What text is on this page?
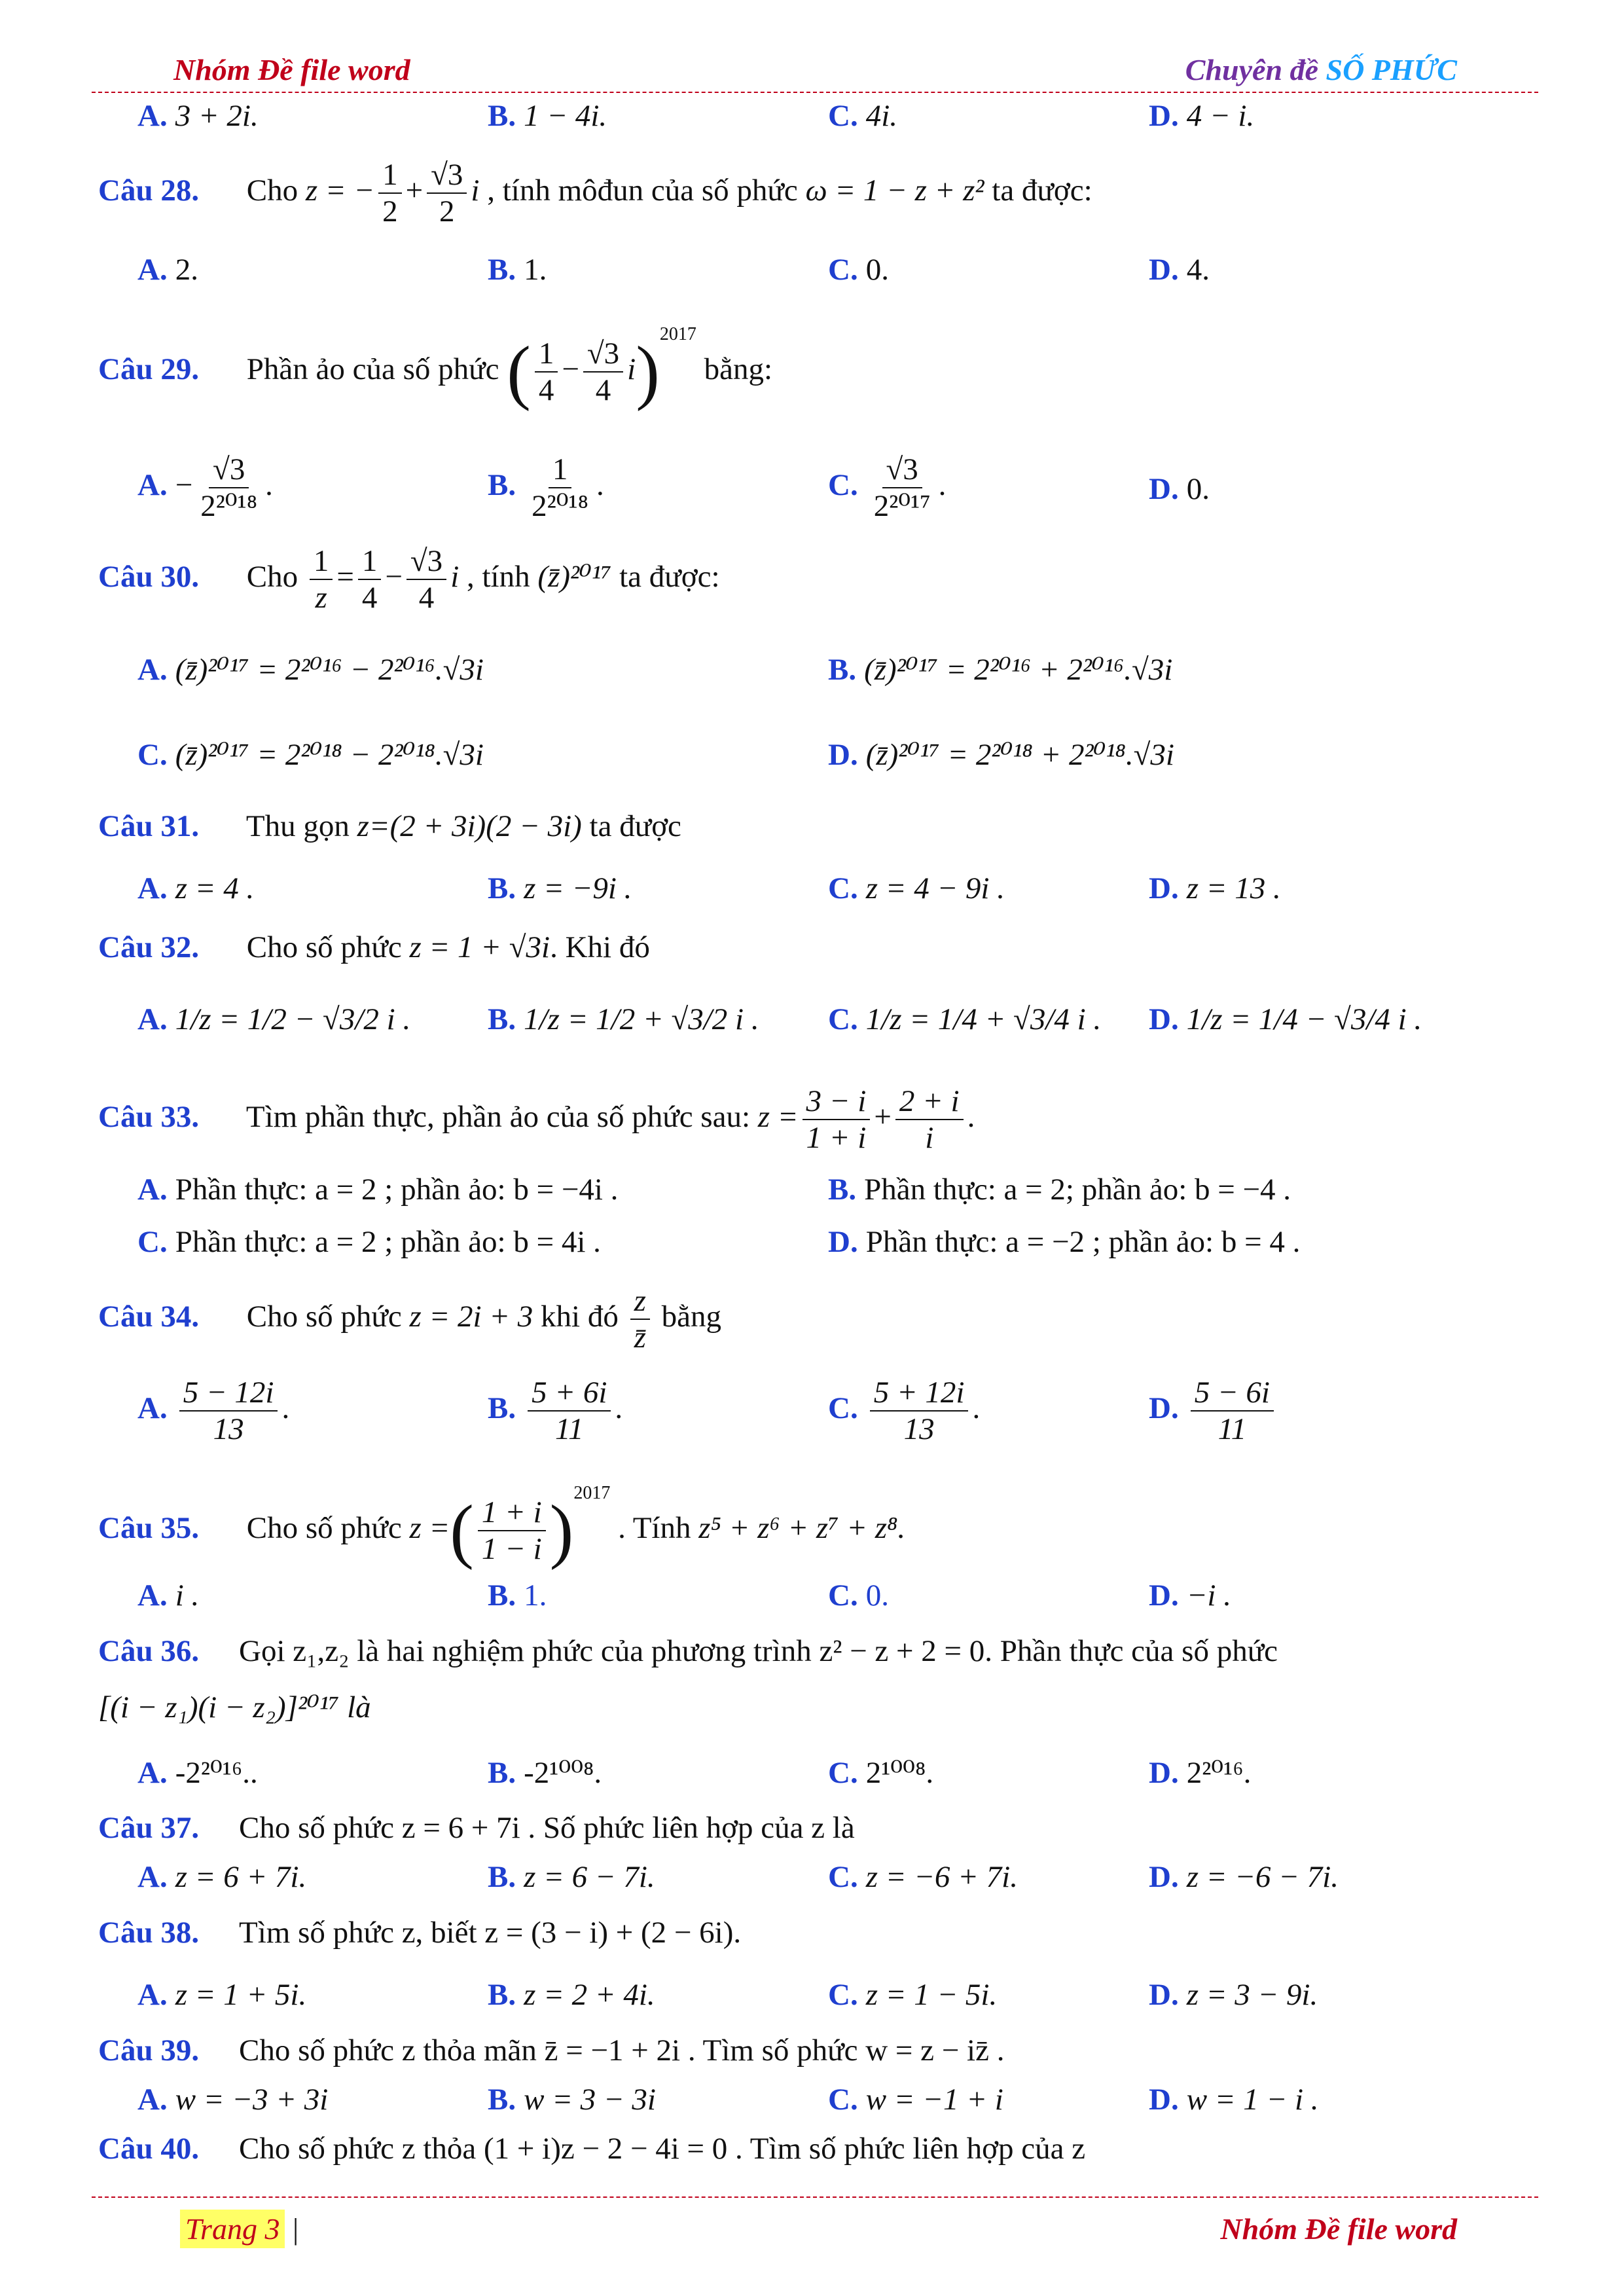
Nhóm Đề file word	Chuyên đề SỐ PHỨC
A. 3 + 2i.	B. 1 − 4i.	C. 4i.	D. 4 − i.
Câu 28. Cho z = − $\frac{1}{2} + \frac{√3}{2}$ i , tính môđun của số phức ω = 1 − z + z² ta được:
A. 2.	B. 1.	C. 0.	D. 4.
Câu 29. Phần ảo của số phức ( $\frac{1}{4} - \frac{√3}{4} i)^{2017}$ bằng:
A. − $\frac{√3}{\text{2²⁰¹⁸}}$ .	B. $\frac{1}{\text{2²⁰¹⁸}}$ .	C. $\frac{√3}{\text{2²⁰¹⁷}}$ .	D. 0.
Câu 30. Cho $\frac{1}{z} = \frac{1}{4} - \frac{√3}{4}$ i , tính (z̄)²⁰¹⁷ ta được:
A. (z̄)²⁰¹⁷ = 2²⁰¹⁶ − 2²⁰¹⁶.√3i	B. (z̄)²⁰¹⁷ = 2²⁰¹⁶ + 2²⁰¹⁶.√3i
C. (z̄)²⁰¹⁷ = 2²⁰¹⁸ − 2²⁰¹⁸.√3i	D. (z̄)²⁰¹⁷ = 2²⁰¹⁸ + 2²⁰¹⁸.√3i
Câu 31. Thu gọn z=(2 + 3i)(2 − 3i) ta được
A. z = 4 .	B. z = −9i .	C. z = 4 − 9i .	D. z = 13 .
Câu 32. Cho số phức z = 1 + √3i. Khi đó
A. 1/z = 1/2 − √3/2 i .	B. 1/z = 1/2 + √3/2 i . C. 1/z = 1/4 + √3/4 i . D. 1/z = 1/4 − √3/4 i .
Câu 33. Tìm phần thực, phần ảo của số phức sau: $z = \frac{3 - i}{1 + i} + \frac{2 + i}{i}$ .
A. Phần thực: a = 2 ; phần ảo: b = −4i .	B. Phần thực: a = 2; phần ảo: b = −4 .
C. Phần thực: a = 2 ; phần ảo: b = 4i .	D. Phần thực: a = −2 ; phần ảo: b = 4 .
Câu 34. Cho số phức z = 2i + 3 khi đó $\frac{z}{z̄}$ bằng
A. $\frac{5 - 12i}{13}$ .	B. $\frac{5 + 6i}{11}$ .	C. $\frac{5 + 12i}{13}$ .	D. $\frac{5 - 6i}{11}$
Câu 35. Cho số phức z =( $\frac{1 + i}{1 - i} )^{2017}$ . Tính z⁵ + z⁶ + z⁷ + z⁸.
A. i .	B. 1.	C. 0.	D. −i .
Câu 36. Gọi z₁,z₂ là hai nghiệm phức của phương trình z² − z + 2 = 0. Phần thực của số phức
[(i − z₁)(i − z₂)]²⁰¹⁷ là
A. -2²⁰¹⁶..	B. -2¹⁰⁰⁸.	C. 2¹⁰⁰⁸.	D. 2²⁰¹⁶.
Câu 37. Cho số phức z = 6 + 7i . Số phức liên hợp của z là
A. z = 6 + 7i.	B. z = 6 − 7i.	C. z = −6 + 7i.	D. z = −6 − 7i.
Câu 38. Tìm số phức z, biết z = (3 − i) + (2 − 6i).
A. z = 1 + 5i.	B. z = 2 + 4i.	C. z = 1 − 5i.	D. z = 3 − 9i.
Câu 39. Cho số phức z thỏa mãn z̄ = −1 + 2i . Tìm số phức w = z − iz̄ .
A. w = −3 + 3i	B. w = 3 − 3i	C. w = −1 + i	D. w = 1 − i .
Câu 40. Cho số phức z thỏa (1 + i)z − 2 − 4i = 0 . Tìm số phức liên hợp của z
Trang 3 |	Nhóm Đề file word
